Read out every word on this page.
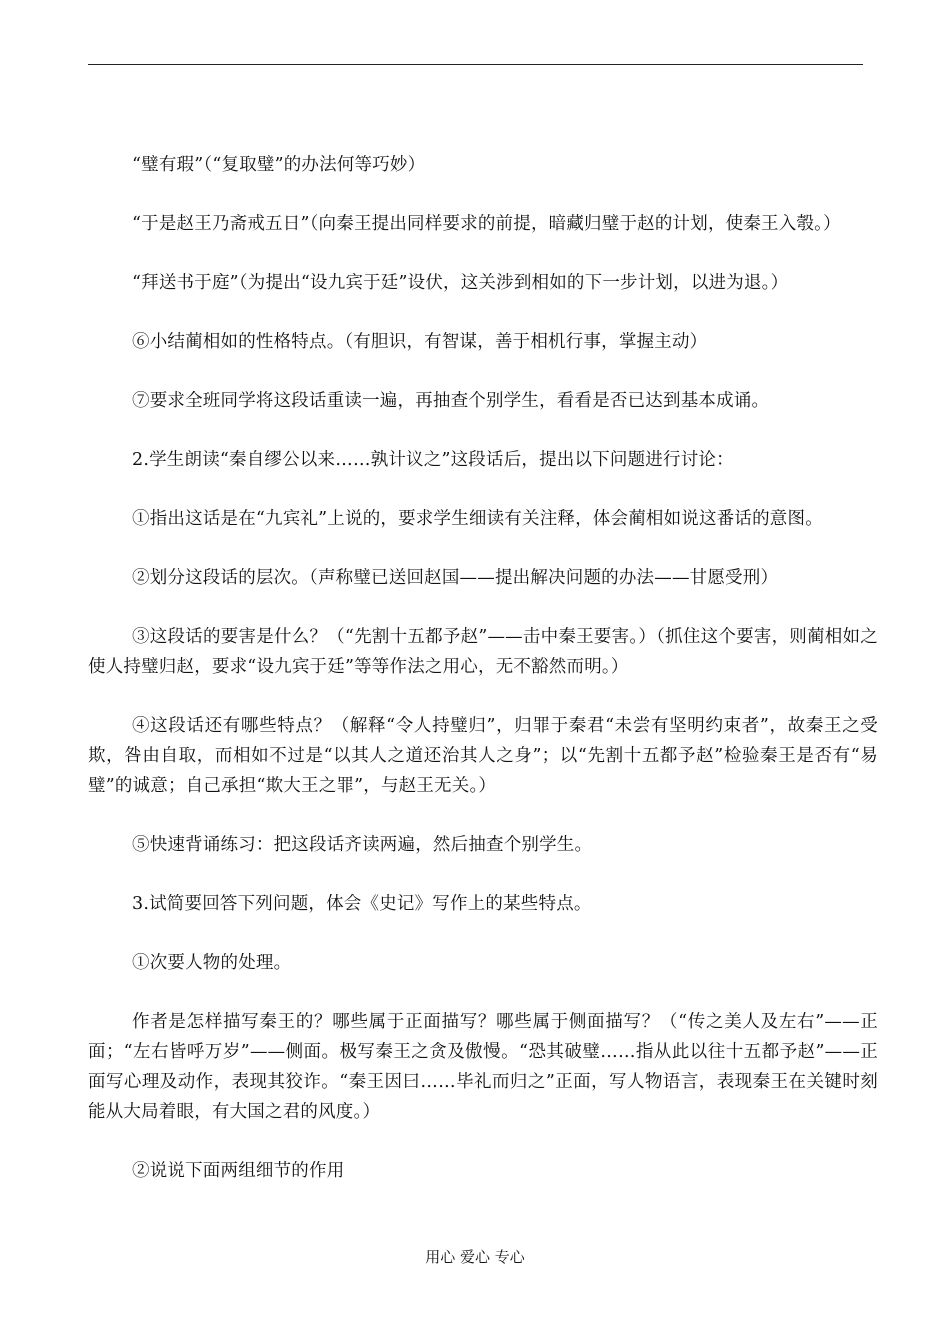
“璧有瑕”（“复取璧”的办法何等巧妙）

“于是赵王乃斋戒五日”（向秦王提出同样要求的前提，暗藏归璧于赵的计划，使秦王入彀。）

“拜送书于庭”（为提出“设九宾于廷”设伏，这关涉到相如的下一步计划，以进为退。）

⑥小结蔺相如的性格特点。（有胆识，有智谋，善于相机行事，掌握主动）

⑦要求全班同学将这段话重读一遍，再抽查个别学生，看看是否已达到基本成诵。

2.学生朗读“秦自缪公以来……孰计议之”这段话后，提出以下问题进行讨论：

①指出这话是在“九宾礼”上说的，要求学生细读有关注释，体会蔺相如说这番话的意图。

②划分这段话的层次。（声称璧已送回赵国——提出解决问题的办法——甘愿受刑）

③这段话的要害是什么？（“先割十五都予赵”——击中秦王要害。）（抓住这个要害，则蔺相如之使人持璧归赵，要求“设九宾于廷”等等作法之用心，无不豁然而明。）

④这段话还有哪些特点？（解释“令人持璧归”，归罪于秦君“未尝有坚明约束者”，故秦王之受欺，咎由自取，而相如不过是“以其人之道还治其人之身”；以“先割十五都予赵”检验秦王是否有“易璧”的诚意；自己承担“欺大王之罪”，与赵王无关。）

⑤快速背诵练习：把这段话齐读两遍，然后抽查个别学生。

3.试简要回答下列问题，体会《史记》写作上的某些特点。

①次要人物的处理。

作者是怎样描写秦王的？哪些属于正面描写？哪些属于侧面描写？（“传之美人及左右”——正面；“左右皆呼万岁”——侧面。极写秦王之贪及傲慢。“恐其破璧……指从此以往十五都予赵”——正面写心理及动作，表现其狡诈。“秦王因曰……毕礼而归之”正面，写人物语言，表现秦王在关键时刻能从大局着眼，有大国之君的风度。）

②说说下面两组细节的作用

用心 爱心 专心
